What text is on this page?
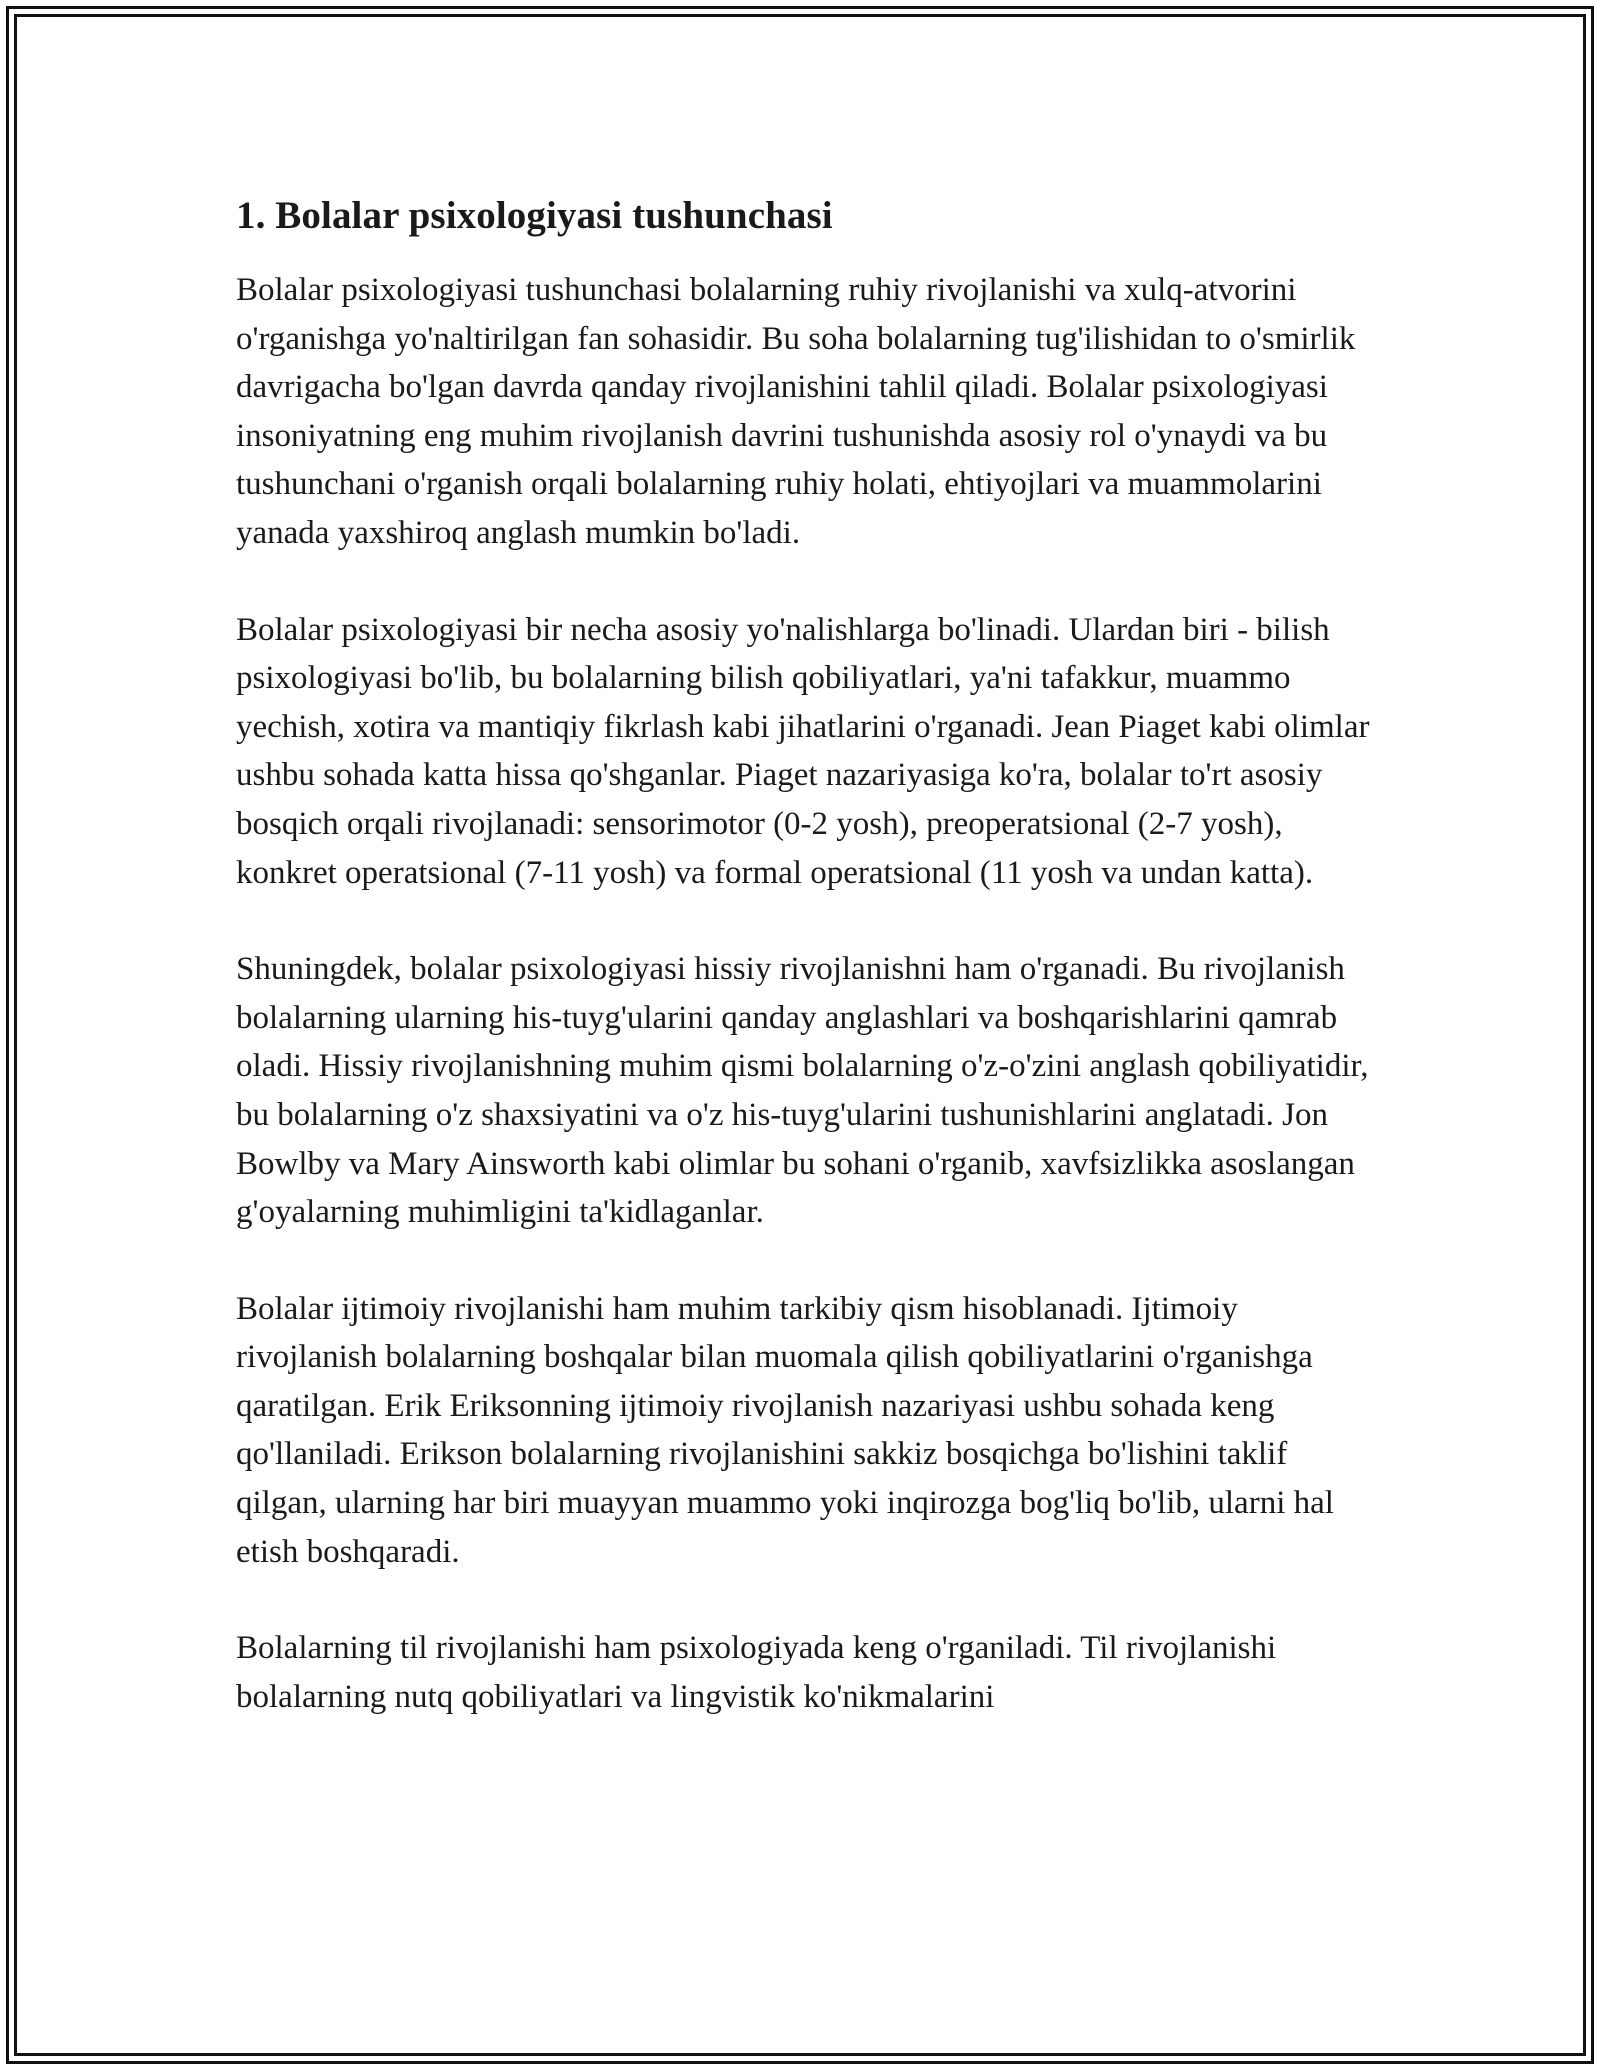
1. Bolalar psixologiyasi tushunchasi

Bolalar psixologiyasi tushunchasi bolalarning ruhiy rivojlanishi va xulq-atvorini o'rganishga yo'naltirilgan fan sohasidir. Bu soha bolalarning tug'ilishidan to o'smirlik davrigacha bo'lgan davrda qanday rivojlanishini tahlil qiladi. Bolalar psixologiyasi insoniyatning eng muhim rivojlanish davrini tushunishda asosiy rol o'ynaydi va bu tushunchani o'rganish orqali bolalarning ruhiy holati, ehtiyojlari va muammolarini yanada yaxshiroq anglash mumkin bo'ladi.

Bolalar psixologiyasi bir necha asosiy yo'nalishlarga bo'linadi. Ulardan biri - bilish psixologiyasi bo'lib, bu bolalarning bilish qobiliyatlari, ya'ni tafakkur, muammo yechish, xotira va mantiqiy fikrlash kabi jihatlarini o'rganadi. Jean Piaget kabi olimlar ushbu sohada katta hissa qo'shganlar. Piaget nazariyasiga ko'ra, bolalar to'rt asosiy bosqich orqali rivojlanadi: sensorimotor (0-2 yosh), preoperatsional (2-7 yosh), konkret operatsional (7-11 yosh) va formal operatsional (11 yosh va undan katta).

Shuningdek, bolalar psixologiyasi hissiy rivojlanishni ham o'rganadi. Bu rivojlanish bolalarning ularning his-tuyg'ularini qanday anglashlari va boshqarishlarini qamrab oladi. Hissiy rivojlanishning muhim qismi bolalarning o'z-o'zini anglash qobiliyatidir, bu bolalarning o'z shaxsiyatini va o'z his-tuyg'ularini tushunishlarini anglatadi. Jon Bowlby va Mary Ainsworth kabi olimlar bu sohani o'rganib, xavfsizlikka asoslangan g'oyalarning muhimligini ta'kidlaganlar.

Bolalar ijtimoiy rivojlanishi ham muhim tarkibiy qism hisoblanadi. Ijtimoiy rivojlanish bolalarning boshqalar bilan muomala qilish qobiliyatlarini o'rganishga qaratilgan. Erik Eriksonning ijtimoiy rivojlanish nazariyasi ushbu sohada keng qo'llaniladi. Erikson bolalarning rivojlanishini sakkiz bosqichga bo'lishini taklif qilgan, ularning har biri muayyan muammo yoki inqirozga bog'liq bo'lib, ularni hal etish boshqaradi.

Bolalarning til rivojlanishi ham psixologiyada keng o'rganiladi. Til rivojlanishi bolalarning nutq qobiliyatlari va lingvistik ko'nikmalarini
